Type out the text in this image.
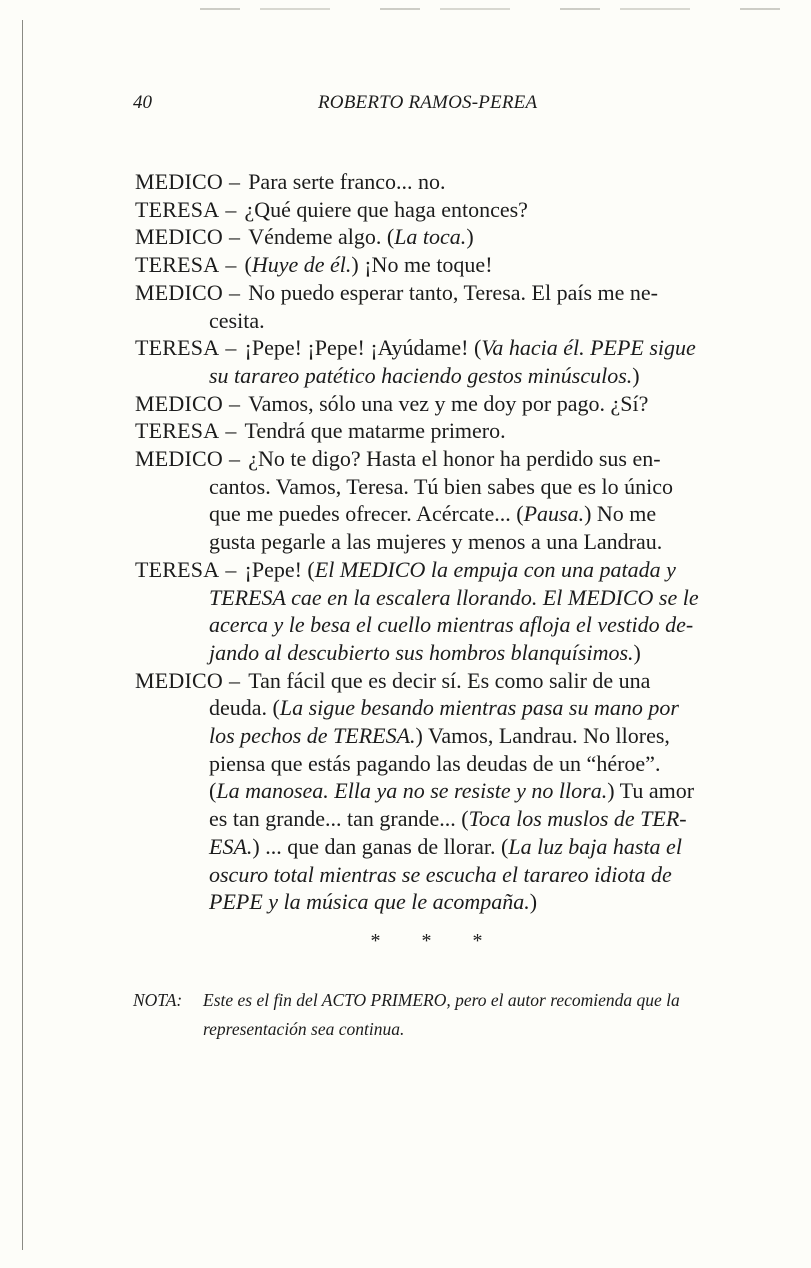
40	ROBERTO RAMOS-PEREA
MEDICO – Para serte franco... no.
TERESA – ¿Qué quiere que haga entonces?
MEDICO – Véndeme algo. (La toca.)
TERESA – (Huye de él.) ¡No me toque!
MEDICO – No puedo esperar tanto, Teresa. El país me ne-
cesita.
TERESA – ¡Pepe! ¡Pepe! ¡Ayúdame! (Va hacia él. PEPE sigue
su tarareo patético haciendo gestos minúsculos.)
MEDICO – Vamos, sólo una vez y me doy por pago. ¿Sí?
TERESA – Tendrá que matarme primero.
MEDICO – ¿No te digo? Hasta el honor ha perdido sus en-
cantos. Vamos, Teresa. Tú bien sabes que es lo único
que me puedes ofrecer. Acércate... (Pausa.) No me
gusta pegarle a las mujeres y menos a una Landrau.
TERESA – ¡Pepe! (El MEDICO la empuja con una patada y
TERESA cae en la escalera llorando. El MEDICO se le
acerca y le besa el cuello mientras afloja el vestido de-
jando al descubierto sus hombros blanquísimos.)
MEDICO – Tan fácil que es decir sí. Es como salir de una
deuda. (La sigue besando mientras pasa su mano por
los pechos de TERESA.) Vamos, Landrau. No llores,
piensa que estás pagando las deudas de un “héroe”.
(La manosea. Ella ya no se resiste y no llora.) Tu amor
es tan grande... tan grande... (Toca los muslos de TER-
ESA.) ... que dan ganas de llorar. (La luz baja hasta el
oscuro total mientras se escucha el tarareo idiota de
PEPE y la música que le acompaña.)
* * *
NOTA: Este es el fin del ACTO PRIMERO, pero el autor recomienda que la
representación sea continua.
